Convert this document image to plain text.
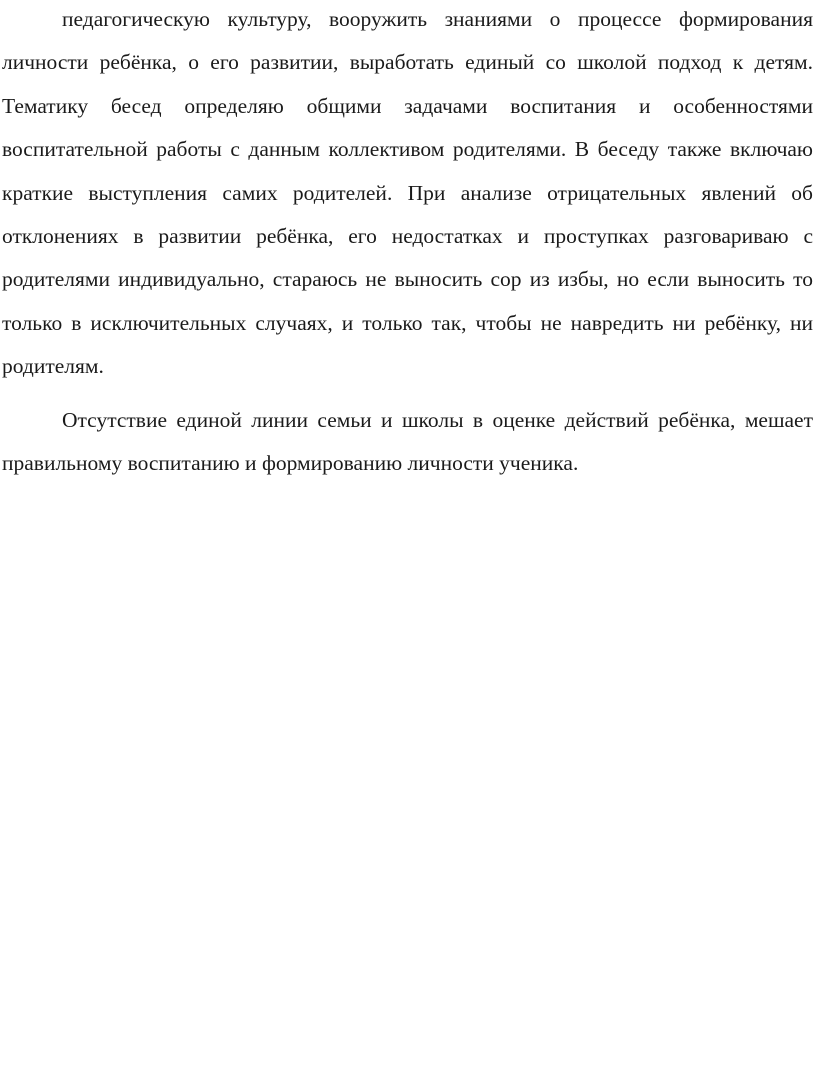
педагогическую культуру, вооружить знаниями о процессе формирования личности ребёнка, о его развитии, выработать единый со школой подход к детям. Тематику бесед определяю общими задачами воспитания и особенностями воспитательной работы с данным коллективом родителями. В беседу также включаю краткие выступления самих родителей. При анализе отрицательных явлений об отклонениях в развитии ребёнка, его недостатках и проступках разговариваю с родителями индивидуально, стараюсь не выносить сор из избы, но если выносить то только в исключительных случаях, и только так, чтобы не навредить ни ребёнку, ни родителям.

Отсутствие единой линии семьи и школы в оценке действий ребёнка, мешает правильному воспитанию и формированию личности ученика.
